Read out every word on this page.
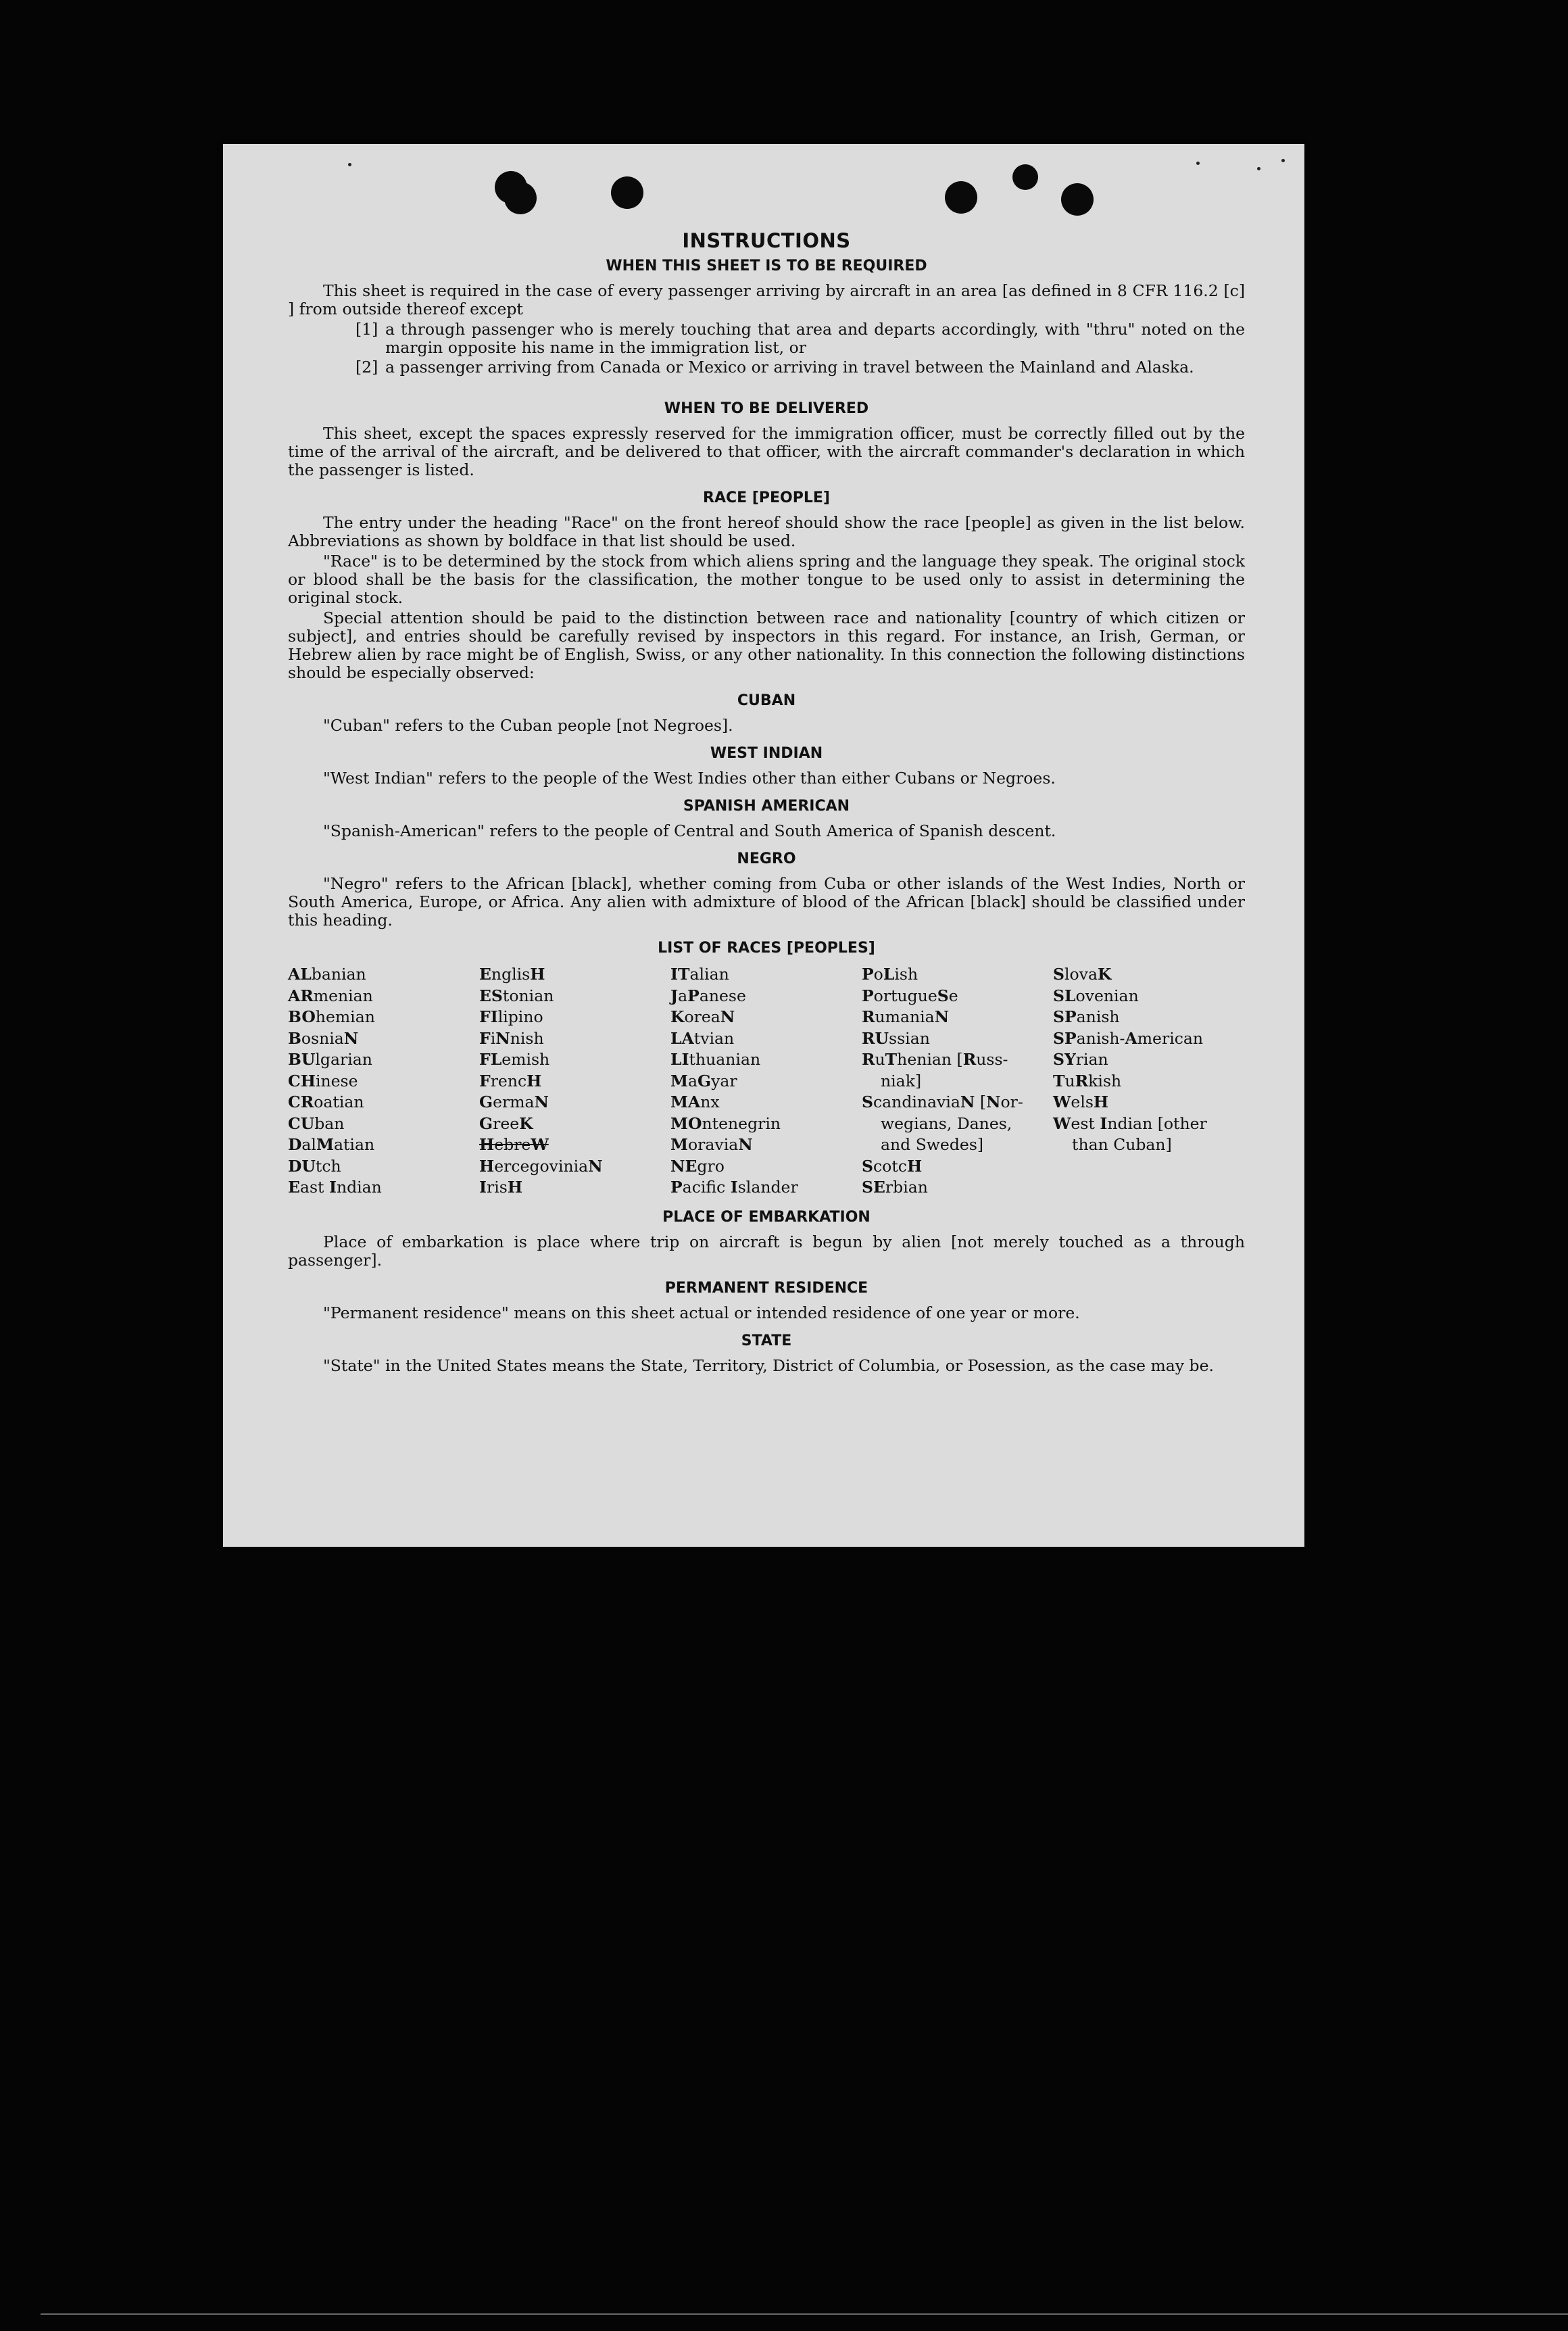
INSTRUCTIONS
WHEN THIS SHEET IS TO BE REQUIRED

This sheet is required in the case of every passenger arriving by aircraft in an area [as defined in 8 CFR 116.2 [c] ] from outside thereof except

[1] a through passenger who is merely touching that area and departs accordingly, with "thru" noted on the margin opposite his name in the immigration list, or
[2] a passenger arriving from Canada or Mexico or arriving in travel between the Mainland and Alaska.
WHEN TO BE DELIVERED

This sheet, except the spaces expressly reserved for the immigration officer, must be correctly filled out by the time of the arrival of the aircraft, and be delivered to that officer, with the aircraft commander's declaration in which the passenger is listed.

RACE [PEOPLE]

The entry under the heading "Race" on the front hereof should show the race [people] as given in the list below. Abbreviations as shown by boldface in that list should be used.

"Race" is to be determined by the stock from which aliens spring and the language they speak. The original stock or blood shall be the basis for the classification, the mother tongue to be used only to assist in determining the original stock.

Special attention should be paid to the distinction between race and nationality [country of which citizen or subject], and entries should be carefully revised by inspectors in this regard. For instance, an Irish, German, or Hebrew alien by race might be of English, Swiss, or any other nationality. In this connection the following distinctions should be especially observed:

CUBAN

"Cuban" refers to the Cuban people [not Negroes].

WEST INDIAN

"West Indian" refers to the people of the West Indies other than either Cubans or Negroes.

SPANISH AMERICAN

"Spanish-American" refers to the people of Central and South America of Spanish descent.

NEGRO

"Negro" refers to the African [black], whether coming from Cuba or other islands of the West Indies, North or South America, Europe, or Africa. Any alien with admixture of blood of the African [black] should be classified under this heading.

LIST OF RACES [PEOPLES]
ALbanian
ARmenian
BOhemian
BosniaN
BUlgarian
CHinese
CRoatian
CUban
DalMatian
DUtch
East Indian
EnglisH
EStonian
FIlipino
FiNnish
FLemish
FrencH
GermaN
GreeK
HebreW
HercegoviniaN
IrisH
ITalian
JaPanese
KoreaN
LAtvian
LIthuanian
MaGyar
MAnx
MOntenegrin
MoraviaN
NEgro
Pacifc Islander
PoLish
PortugueSe
RumaniaN
RUssian
RuThenian [Russ-
niak]
ScandinaviaN [Nor-
wegians, Danes,
and Swedes]
ScotcH
SErbian
SlovaK
SLovenian
SPanish
SPanish-American
SYrian
TuRkish
WelsH
West Indian [other
than Cuban]
PLACE OF EMBARKATION

Place of embarkation is place where trip on aircraft is begun by alien [not merely touched as a through passenger].

PERMANENT RESIDENCE

"Permanent residence" means on this sheet actual or intended residence of one year or more.

STATE

"State" in the United States means the State, Territory, District of Columbia, or Posession, as the case may be.
